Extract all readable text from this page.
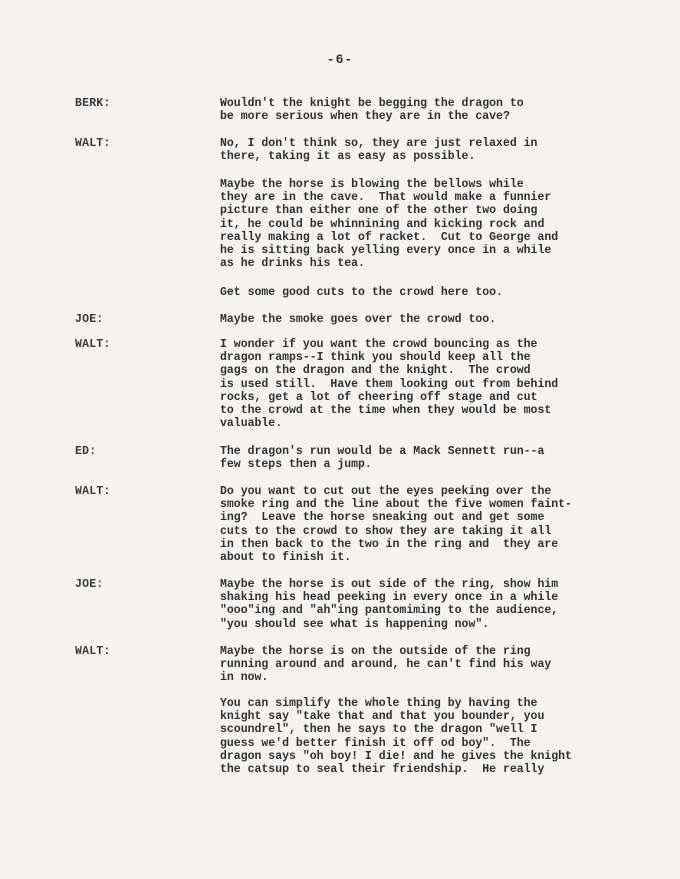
-6-
BERK:	Wouldn't the knight be begging the dragon to
be more serious when they are in the cave?
WALT:	No, I don't think so, they are just relaxed in
there, taking it as easy as possible.
Maybe the horse is blowing the bellows while
they are in the cave.  That would make a funnier
picture than either one of the other two doing
it, he could be whinnining and kicking rock and
really making a lot of racket.  Cut to George and
he is sitting back yelling every once in a while
as he drinks his tea.
Get some good cuts to the crowd here too.
JOE:	Maybe the smoke goes over the crowd too.
WALT:	I wonder if you want the crowd bouncing as the
dragon ramps--I think you should keep all the
gags on the dragon and the knight.  The crowd
is used still.  Have them looking out from behind
rocks, get a lot of cheering off stage and cut
to the crowd at the time when they would be most
valuable.
ED:	The dragon's run would be a Mack Sennett run--a
few steps then a jump.
WALT:	Do you want to cut out the eyes peeking over the
smoke ring and the line about the five women faint-
ing?  Leave the horse sneaking out and get some
cuts to the crowd to show they are taking it all
in then back to the two in the ring and  they are
about to finish it.
JOE:	Maybe the horse is out side of the ring, show him
shaking his head peeking in every once in a while
"ooo"ing and "ah"ing pantomiming to the audience,
"you should see what is happening now".
WALT:	Maybe the horse is on the outside of the ring
running around and around, he can't find his way
in now.
You can simplify the whole thing by having the
knight say "take that and that you bounder, you
scoundrel", then he says to the dragon "well I
guess we'd better finish it off od boy".  The
dragon says "oh boy! I die! and he gives the knight
the catsup to seal their friendship.  He really
